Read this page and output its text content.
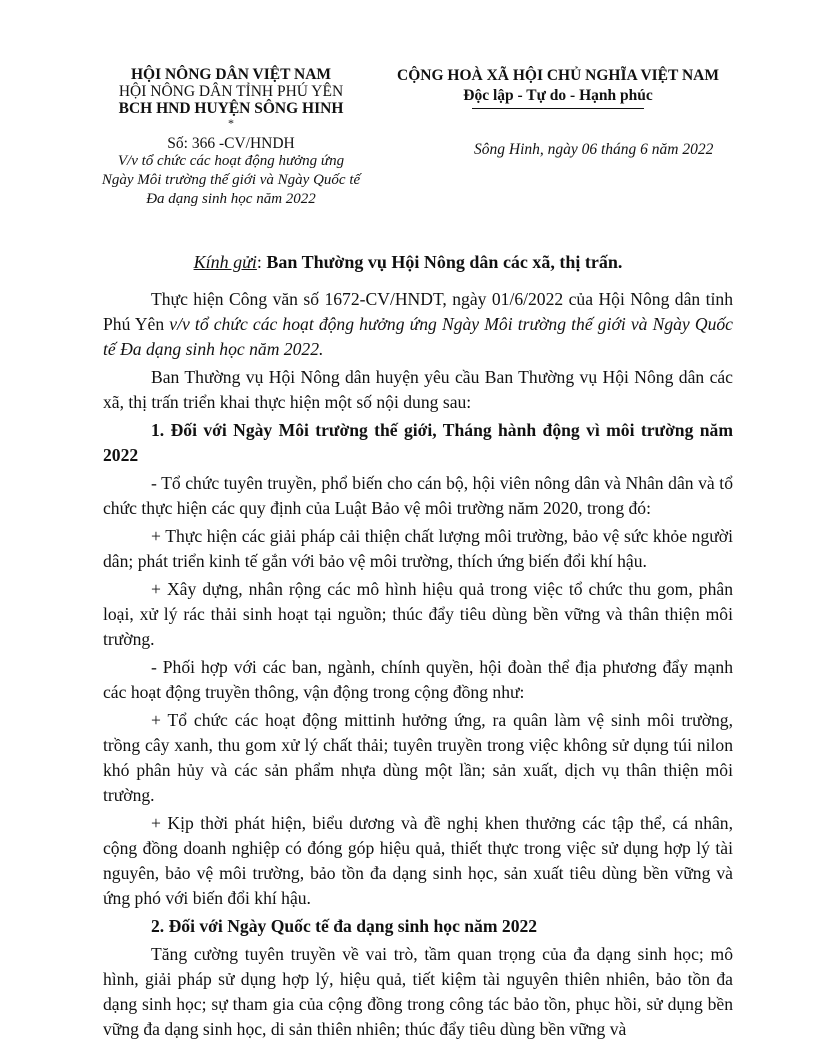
HỘI NÔNG DÂN VIỆT NAM
HỘI NÔNG DÂN TỈNH PHÚ YÊN
BCH HND HUYỆN SÔNG HINH
*
Số: 366 -CV/HNDH
V/v tổ chức các hoạt động hưởng ứng
Ngày Môi trường thế giới và Ngày Quốc tế
Đa dạng sinh học năm 2022
CỘNG HOÀ XÃ HỘI CHỦ NGHĨA VIỆT NAM
Độc lập - Tự do - Hạnh phúc
Sông Hinh, ngày 06 tháng 6 năm 2022
Kính gửi: Ban Thường vụ Hội Nông dân các xã, thị trấn.

Thực hiện Công văn số 1672-CV/HNDT, ngày 01/6/2022 của Hội Nông dân tỉnh Phú Yên v/v tổ chức các hoạt động hưởng ứng Ngày Môi trường thế giới và Ngày Quốc tế Đa dạng sinh học năm 2022.

Ban Thường vụ Hội Nông dân huyện yêu cầu Ban Thường vụ Hội Nông dân các xã, thị trấn triển khai thực hiện một số nội dung sau:

1. Đối với Ngày Môi trường thế giới, Tháng hành động vì môi trường năm 2022

- Tổ chức tuyên truyền, phổ biến cho cán bộ, hội viên nông dân và Nhân dân và tổ chức thực hiện các quy định của Luật Bảo vệ môi trường năm 2020, trong đó:

+ Thực hiện các giải pháp cải thiện chất lượng môi trường, bảo vệ sức khỏe người dân; phát triển kinh tế gắn với bảo vệ môi trường, thích ứng biến đổi khí hậu.

+ Xây dựng, nhân rộng các mô hình hiệu quả trong việc tổ chức thu gom, phân loại, xử lý rác thải sinh hoạt tại nguồn; thúc đẩy tiêu dùng bền vững và thân thiện môi trường.

- Phối hợp với các ban, ngành, chính quyền, hội đoàn thể địa phương đẩy mạnh các hoạt động truyền thông, vận động trong cộng đồng như:

+ Tổ chức các hoạt động mittinh hưởng ứng, ra quân làm vệ sinh môi trường, trồng cây xanh, thu gom xử lý chất thải; tuyên truyền trong việc không sử dụng túi nilon khó phân hủy và các sản phẩm nhựa dùng một lần; sản xuất, dịch vụ thân thiện môi trường.

+ Kịp thời phát hiện, biểu dương và đề nghị khen thưởng các tập thể, cá nhân, cộng đồng doanh nghiệp có đóng góp hiệu quả, thiết thực trong việc sử dụng hợp lý tài nguyên, bảo vệ môi trường, bảo tồn đa dạng sinh học, sản xuất tiêu dùng bền vững và ứng phó với biến đổi khí hậu.

2. Đối với Ngày Quốc tế đa dạng sinh học năm 2022

Tăng cường tuyên truyền về vai trò, tầm quan trọng của đa dạng sinh học; mô hình, giải pháp sử dụng hợp lý, hiệu quả, tiết kiệm tài nguyên thiên nhiên, bảo tồn đa dạng sinh học; sự tham gia của cộng đồng trong công tác bảo tồn, phục hồi, sử dụng bền vững đa dạng sinh học, di sản thiên nhiên; thúc đẩy tiêu dùng bền vững và
